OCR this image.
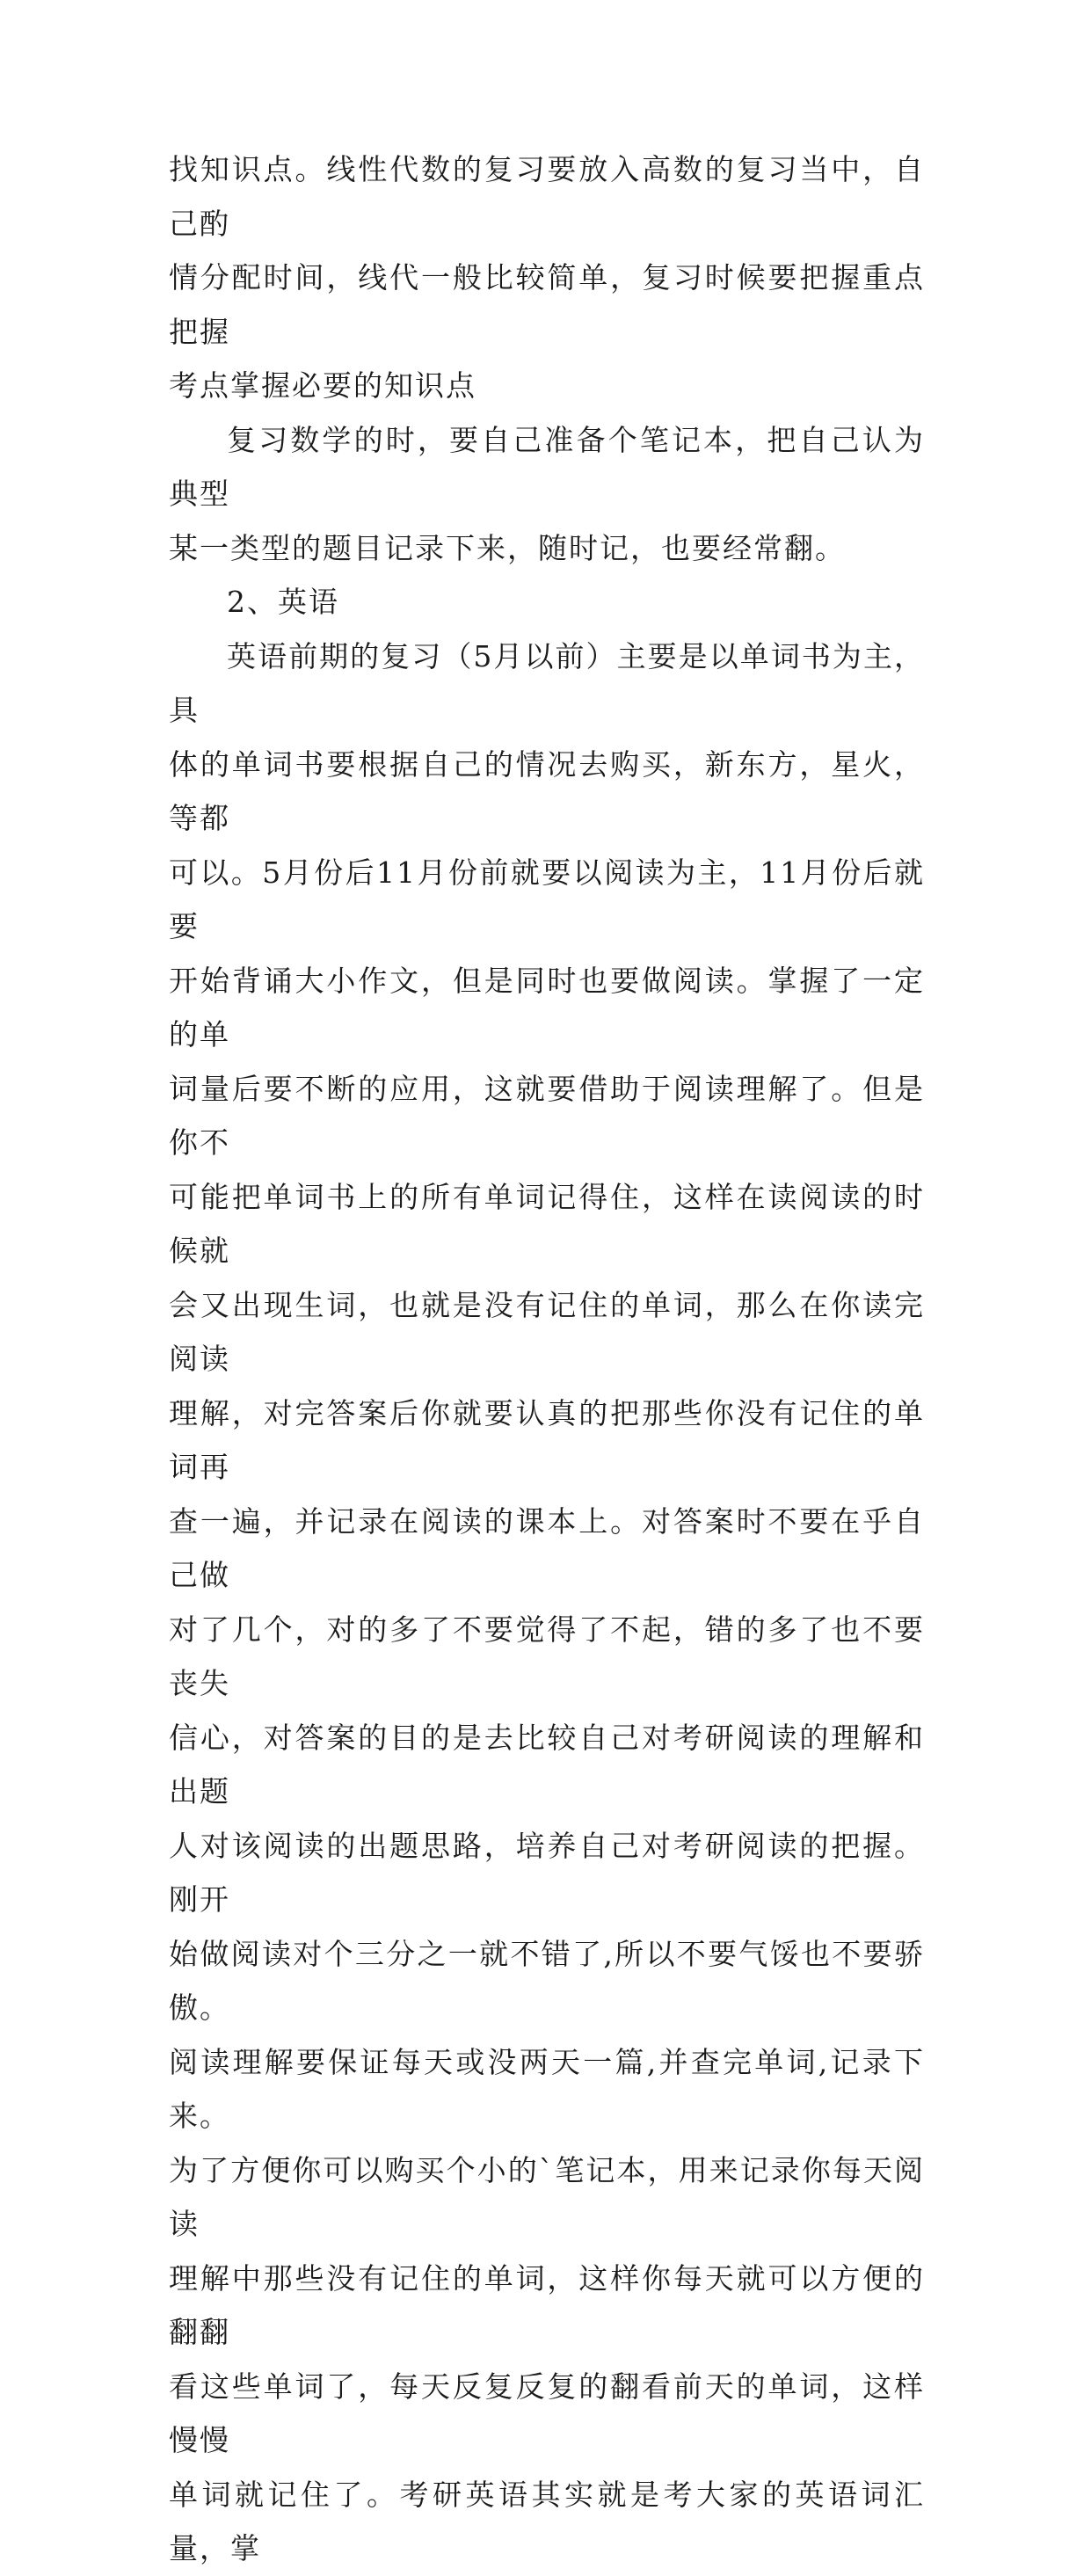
找知识点。线性代数的复习要放入高数的复习当中，自己酌
情分配时间，线代一般比较简单，复习时候要把握重点把握
考点掌握必要的知识点
复习数学的时，要自己准备个笔记本，把自己认为典型
某一类型的题目记录下来，随时记，也要经常翻。
2、英语
英语前期的复习（5月以前）主要是以单词书为主，具
体的单词书要根据自己的情况去购买，新东方，星火，等都
可以。5月份后11月份前就要以阅读为主，11月份后就要
开始背诵大小作文，但是同时也要做阅读。掌握了一定的单
词量后要不断的应用，这就要借助于阅读理解了。但是你不
可能把单词书上的所有单词记得住，这样在读阅读的时候就
会又出现生词，也就是没有记住的单词，那么在你读完阅读
理解，对完答案后你就要认真的把那些你没有记住的单词再
查一遍，并记录在阅读的课本上。对答案时不要在乎自己做
对了几个，对的多了不要觉得了不起，错的多了也不要丧失
信心，对答案的目的是去比较自己对考研阅读的理解和出题
人对该阅读的出题思路，培养自己对考研阅读的把握。刚开
始做阅读对个三分之一就不错了,所以不要气馁也不要骄傲。
阅读理解要保证每天或没两天一篇,并查完单词,记录下来。
为了方便你可以购买个小的`笔记本，用来记录你每天阅读
理解中那些没有记住的单词，这样你每天就可以方便的翻翻
看这些单词了，每天反复反复的翻看前天的单词，这样慢慢
单词就记住了。考研英语其实就是考大家的英语词汇量，掌
